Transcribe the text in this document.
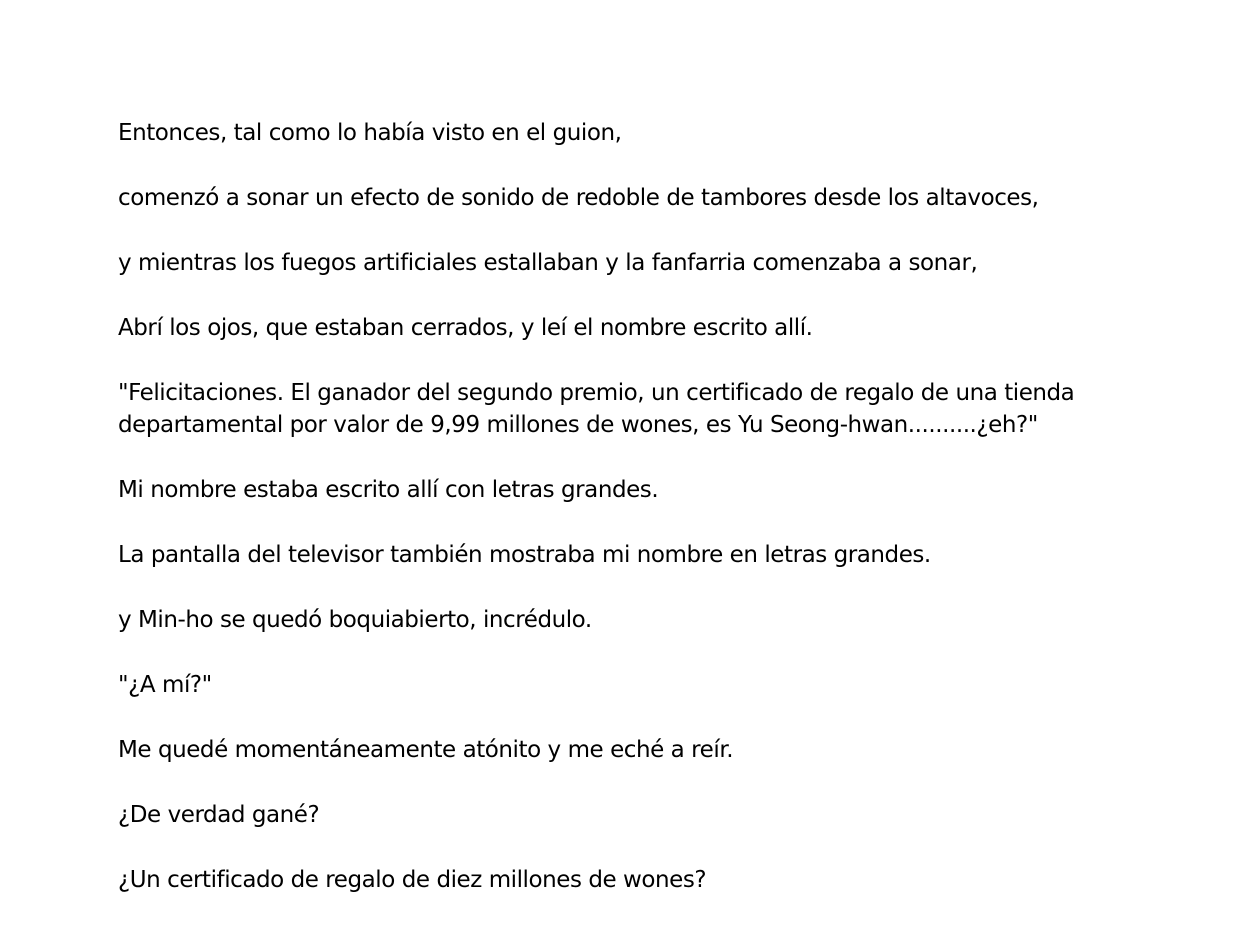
Entonces, tal como lo había visto en el guion,

comenzó a sonar un efecto de sonido de redoble de tambores desde los altavoces,

y mientras los fuegos artificiales estallaban y la fanfarria comenzaba a sonar,

Abrí los ojos, que estaban cerrados, y leí el nombre escrito allí.

"Felicitaciones. El ganador del segundo premio, un certificado de regalo de una tienda departamental por valor de 9,99 millones de wones, es Yu Seong-hwan..........¿eh?"

Mi nombre estaba escrito allí con letras grandes.

La pantalla del televisor también mostraba mi nombre en letras grandes.

y Min-ho se quedó boquiabierto, incrédulo.

"¿A mí?"

Me quedé momentáneamente atónito y me eché a reír.

¿De verdad gané?

¿Un certificado de regalo de diez millones de wones?
